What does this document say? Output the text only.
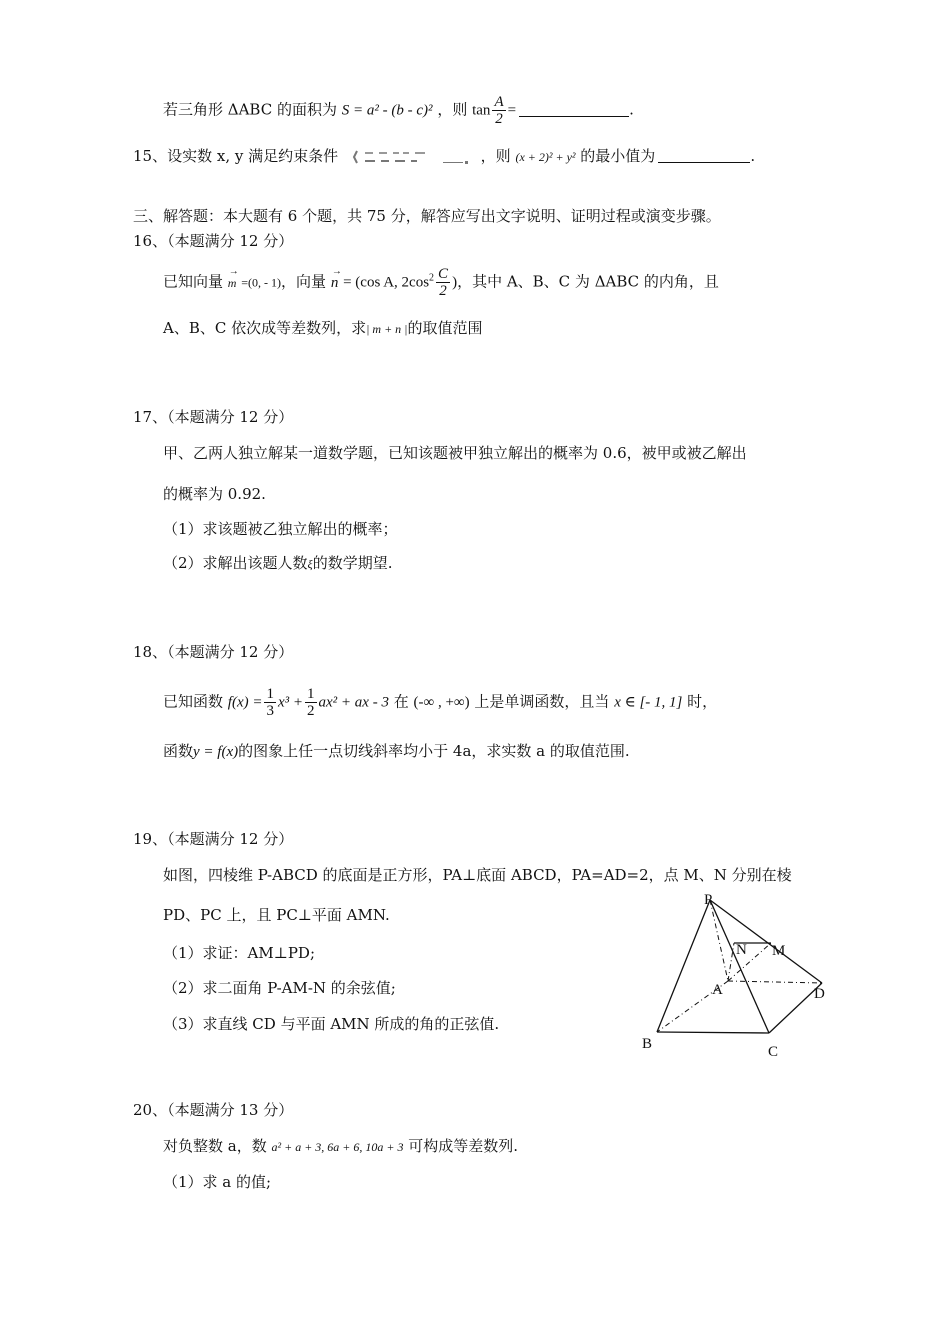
若三角形 ΔABC 的面积为 S = a² - (b - c)² ，则 $\tan \frac{A}{2}$ =	.
15、设实数 x, y 满足约束条件	，则 (x + 2)² + y² 的最小值为	.
三、解答题：本大题有 6 个题，共 75 分，解答应写出文字说明、证明过程或演变步骤。
16、（本题满分 12 分）
已知向量 → m =(0, - 1)，向量 → n = (cos A, $2\cos^2 \frac{C}{2}$ )，其中 A、B、C 为 ΔABC 的内角，且
A、B、C 依次成等差数列，求| m + n |的取值范围
17、（本题满分 12 分）
甲、乙两人独立解某一道数学题，已知该题被甲独立解出的概率为 0.6，被甲或被乙解出
的概率为 0.92.
（1）求该题被乙独立解出的概率；
（2）求解出该题人数ξ的数学期望.
18、（本题满分 12 分）
已知函数 $f(x) = \frac{1}{3} x^3 + \frac{1}{2} ax^2$ + ax - 3 在 (-∞ , +∞) 上是单调函数，且当 x ∈ [- 1, 1] 时，
函数y = f(x)的图象上任一点切线斜率均小于 4a，求实数 a 的取值范围.
19、（本题满分 12 分）
如图，四棱维 P-ABCD 的底面是正方形，PA⊥底面 ABCD，PA=AD=2，点 M、N 分别在棱
PD、PC 上，且 PC⊥平面 AMN.
（1）求证：AM⊥PD;
（2）求二面角 P-AM-N 的余弦值;
（3）求直线 CD 与平面 AMN 所成的角的正弦值.
P
N M
A	D
B	C
20、（本题满分 13 分）
对负整数 a，数 a² + a + 3, 6a + 6, 10a + 3 可构成等差数列.
（1）求 a 的值;
